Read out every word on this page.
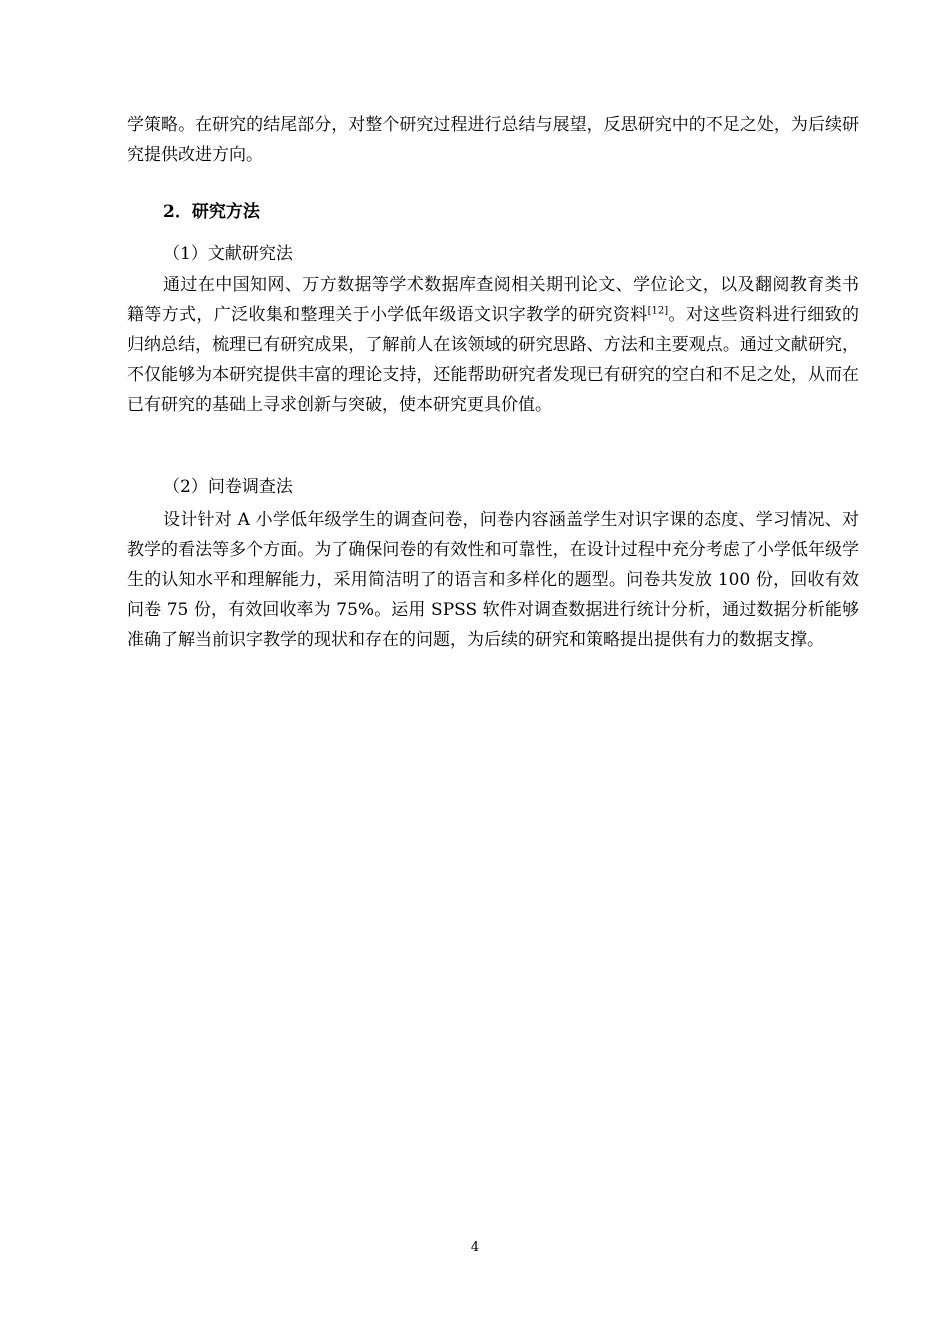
学策略。在研究的结尾部分，对整个研究过程进行总结与展望，反思研究中的不足之处，为后续研究提供改进方向。

2．研究方法
（1）文献研究法

通过在中国知网、万方数据等学术数据库查阅相关期刊论文、学位论文，以及翻阅教育类书籍等方式，广泛收集和整理关于小学低年级语文识字教学的研究资料[12]。对这些资料进行细致的归纳总结，梳理已有研究成果，了解前人在该领域的研究思路、方法和主要观点。通过文献研究，不仅能够为本研究提供丰富的理论支持，还能帮助研究者发现已有研究的空白和不足之处，从而在已有研究的基础上寻求创新与突破，使本研究更具价值。

（2）问卷调查法

设计针对 A 小学低年级学生的调查问卷，问卷内容涵盖学生对识字课的态度、学习情况、对教学的看法等多个方面。为了确保问卷的有效性和可靠性，在设计过程中充分考虑了小学低年级学生的认知水平和理解能力，采用简洁明了的语言和多样化的题型。问卷共发放 100 份，回收有效问卷 75 份，有效回收率为 75%。运用 SPSS 软件对调查数据进行统计分析，通过数据分析能够准确了解当前识字教学的现状和存在的问题，为后续的研究和策略提出提供有力的数据支撑。

4
